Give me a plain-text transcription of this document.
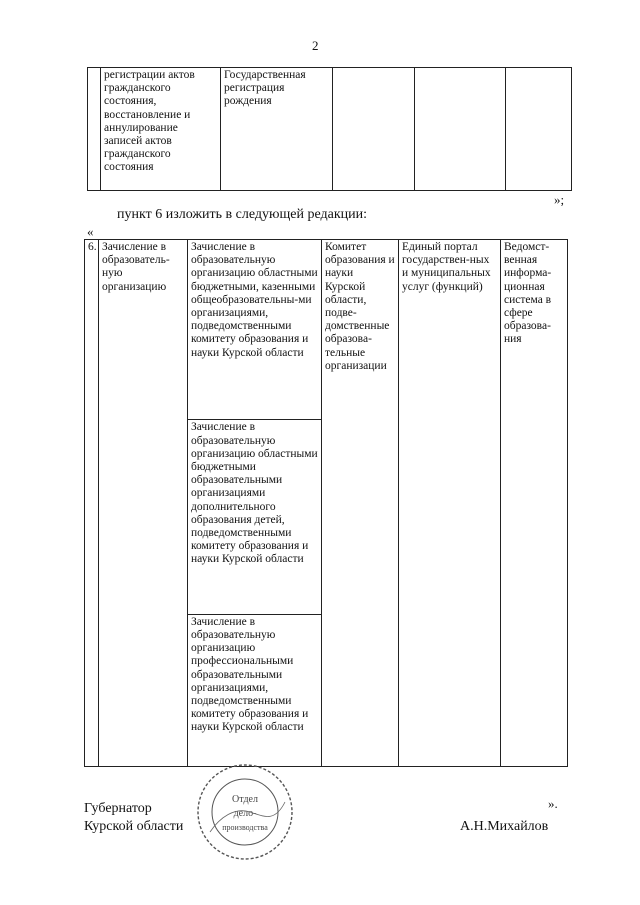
2
	регистрации актов гражданского состояния, восстановление и аннулирование записей актов гражданского состояния	Государственная регистрация рождения			
»;
пункт 6 изложить в следующей редакции:
«
6.	Зачисление в образователь-ную организацию	Зачисление в образовательную организацию областными бюджетными, казенными общеобразовательны-ми организациями, подведомственными комитету образования и науки Курской области	Комитет образования и науки Курской области, подве-домственные образова-тельные организации	Единый портал государствен-ных и муниципальных услуг (функций)	Ведомст-венная информа-ционная система в сфере образова-ния
Зачисление в образовательную организацию областными бюджетными образовательными организациями дополнительного образования детей, подведомственными комитету образования и науки Курской области
Зачисление в образовательную организацию профессиональными образовательными организациями, подведомственными комитету образования и науки Курской области
».
Губернатор
Курской области	А.Н.Михайлов
Отдел
дело-
производства
